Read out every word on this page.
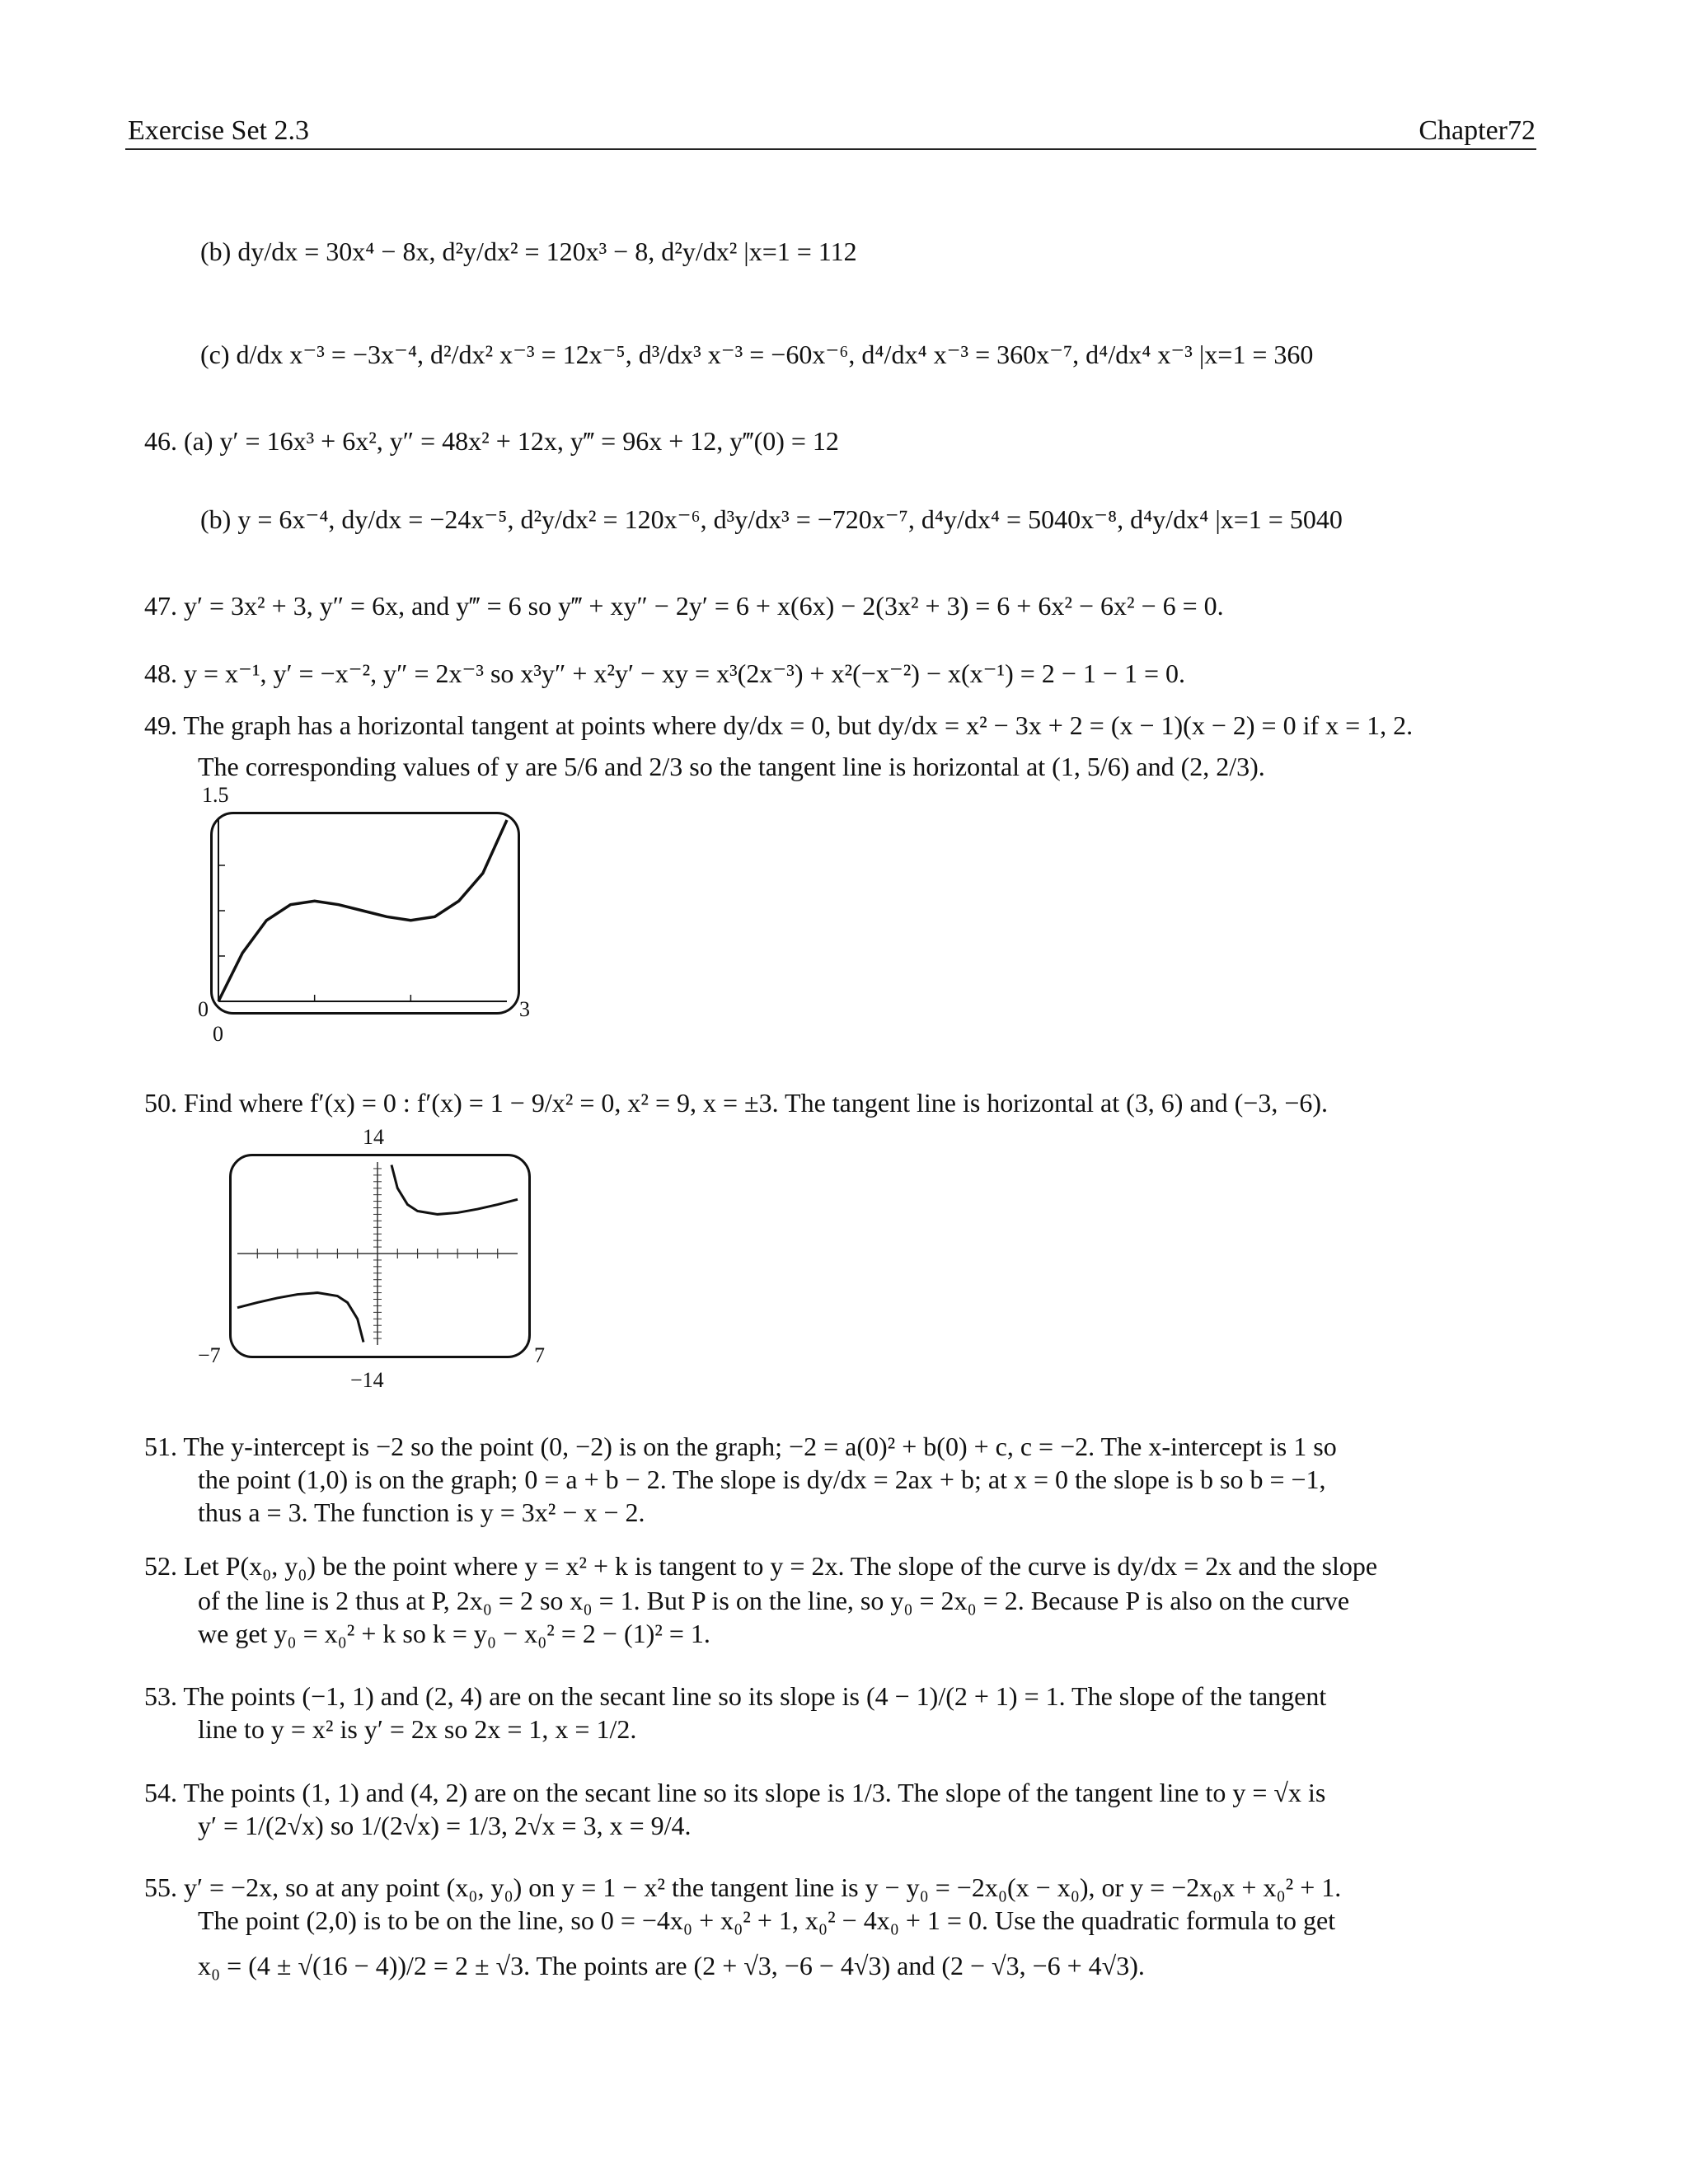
Exercise Set 2.3	Chapter72
(b) dy/dx = 30x⁴ − 8x, d²y/dx² = 120x³ − 8, d²y/dx² |x=1 = 112
(c) d/dx x⁻³ = −3x⁻⁴, d²/dx² x⁻³ = 12x⁻⁵, d³/dx³ x⁻³ = −60x⁻⁶, d⁴/dx⁴ x⁻³ = 360x⁻⁷, d⁴/dx⁴ x⁻³ |x=1 = 360
46. (a) y′ = 16x³ + 6x², y″ = 48x² + 12x, y‴ = 96x + 12, y‴(0) = 12
(b) y = 6x⁻⁴, dy/dx = −24x⁻⁵, d²y/dx² = 120x⁻⁶, d³y/dx³ = −720x⁻⁷, d⁴y/dx⁴ = 5040x⁻⁸, d⁴y/dx⁴ |x=1 = 5040
47. y′ = 3x² + 3, y″ = 6x, and y‴ = 6 so y‴ + xy″ − 2y′ = 6 + x(6x) − 2(3x² + 3) = 6 + 6x² − 6x² − 6 = 0.
48. y = x⁻¹, y′ = −x⁻², y″ = 2x⁻³ so x³y″ + x²y′ − xy = x³(2x⁻³) + x²(−x⁻²) − x(x⁻¹) = 2 − 1 − 1 = 0.
49. The graph has a horizontal tangent at points where dy/dx = 0, but dy/dx = x² − 3x + 2 = (x − 1)(x − 2) = 0 if x = 1, 2.
The corresponding values of y are 5/6 and 2/3 so the tangent line is horizontal at (1, 5/6) and (2, 2/3).
1.5
0	3
0
50. Find where f′(x) = 0 : f′(x) = 1 − 9/x² = 0, x² = 9, x = ±3. The tangent line is horizontal at (3, 6) and (−3, −6).
14
−7	7
−14
51. The y-intercept is −2 so the point (0, −2) is on the graph; −2 = a(0)² + b(0) + c, c = −2. The x-intercept is 1 so
the point (1,0) is on the graph; 0 = a + b − 2. The slope is dy/dx = 2ax + b; at x = 0 the slope is b so b = −1,
thus a = 3. The function is y = 3x² − x − 2.
52. Let P(x₀, y₀) be the point where y = x² + k is tangent to y = 2x. The slope of the curve is dy/dx = 2x and the slope
of the line is 2 thus at P, 2x₀ = 2 so x₀ = 1. But P is on the line, so y₀ = 2x₀ = 2. Because P is also on the curve
we get y₀ = x₀² + k so k = y₀ − x₀² = 2 − (1)² = 1.
53. The points (−1, 1) and (2, 4) are on the secant line so its slope is (4 − 1)/(2 + 1) = 1. The slope of the tangent
line to y = x² is y′ = 2x so 2x = 1, x = 1/2.
54. The points (1, 1) and (4, 2) are on the secant line so its slope is 1/3. The slope of the tangent line to y = √x is
y′ = 1/(2√x) so 1/(2√x) = 1/3, 2√x = 3, x = 9/4.
55. y′ = −2x, so at any point (x₀, y₀) on y = 1 − x² the tangent line is y − y₀ = −2x₀(x − x₀), or y = −2x₀x + x₀² + 1.
The point (2,0) is to be on the line, so 0 = −4x₀ + x₀² + 1, x₀² − 4x₀ + 1 = 0. Use the quadratic formula to get
x₀ = (4 ± √(16 − 4))/2 = 2 ± √3. The points are (2 + √3, −6 − 4√3) and (2 − √3, −6 + 4√3).
